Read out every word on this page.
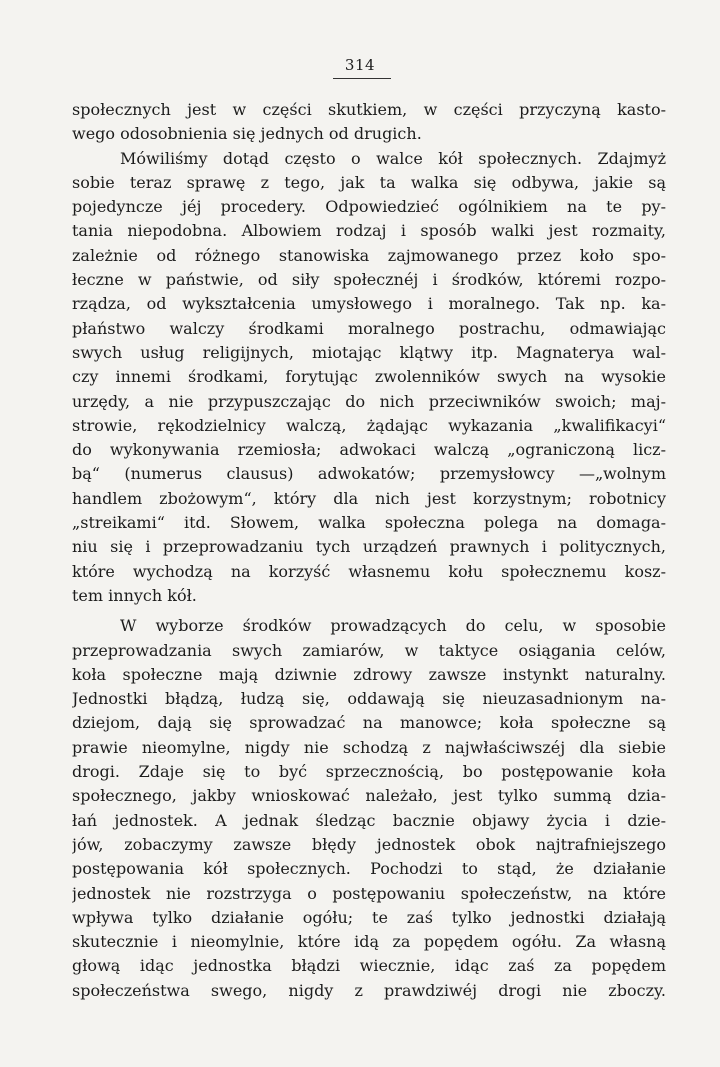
314
społecznych jest w części skutkiem, w części przyczyną kasto-
wego odosobnienia się jednych od drugich.
Mówiliśmy dotąd często o walce kół społecznych. Zdajmyż
sobie teraz sprawę z tego, jak ta walka się odbywa, jakie są
pojedyncze jéj procedery. Odpowiedzieć ogólnikiem na te py-
tania niepodobna. Albowiem rodzaj i sposób walki jest rozmaity,
zależnie od różnego stanowiska zajmowanego przez koło spo-
łeczne w państwie, od siły społecznéj i środków, któremi rozpo-
rządza, od wykształcenia umysłowego i moralnego. Tak np. ka-
płaństwo walczy środkami moralnego postrachu, odmawiając
swych usług religijnych, miotając klątwy itp. Magnaterya wal-
czy innemi środkami, forytując zwolenników swych na wysokie
urzędy, a nie przypuszczając do nich przeciwników swoich; maj-
strowie, rękodzielnicy walczą, żądając wykazania „kwalifikacyi“
do wykonywania rzemiosła; adwokaci walczą „ograniczoną licz-
bą“ (numerus clausus) adwokatów; przemysłowcy —„wolnym
handlem zbożowym“, który dla nich jest korzystnym; robotnicy
„streikami“ itd. Słowem, walka społeczna polega na domaga-
niu się i przeprowadzaniu tych urządzeń prawnych i politycznych,
które wychodzą na korzyść własnemu kołu społecznemu kosz-
tem innych kół.
W wyborze środków prowadzących do celu, w sposobie
przeprowadzania swych zamiarów, w taktyce osiągania celów,
koła społeczne mają dziwnie zdrowy zawsze instynkt naturalny.
Jednostki błądzą, łudzą się, oddawają się nieuzasadnionym na-
dziejom, dają się sprowadzać na manowce; koła społeczne są
prawie nieomylne, nigdy nie schodzą z najwłaściwszéj dla siebie
drogi. Zdaje się to być sprzecznością, bo postępowanie koła
społecznego, jakby wnioskować należało, jest tylko summą dzia-
łań jednostek. A jednak śledząc bacznie objawy życia i dzie-
jów, zobaczymy zawsze błędy jednostek obok najtrafniejszego
postępowania kół społecznych. Pochodzi to stąd, że działanie
jednostek nie rozstrzyga o postępowaniu społeczeństw, na które
wpływa tylko działanie ogółu; te zaś tylko jednostki działają
skutecznie i nieomylnie, które idą za popędem ogółu. Za własną
głową idąc jednostka błądzi wiecznie, idąc zaś za popędem
społeczeństwa swego, nigdy z prawdziwéj drogi nie zboczy.
